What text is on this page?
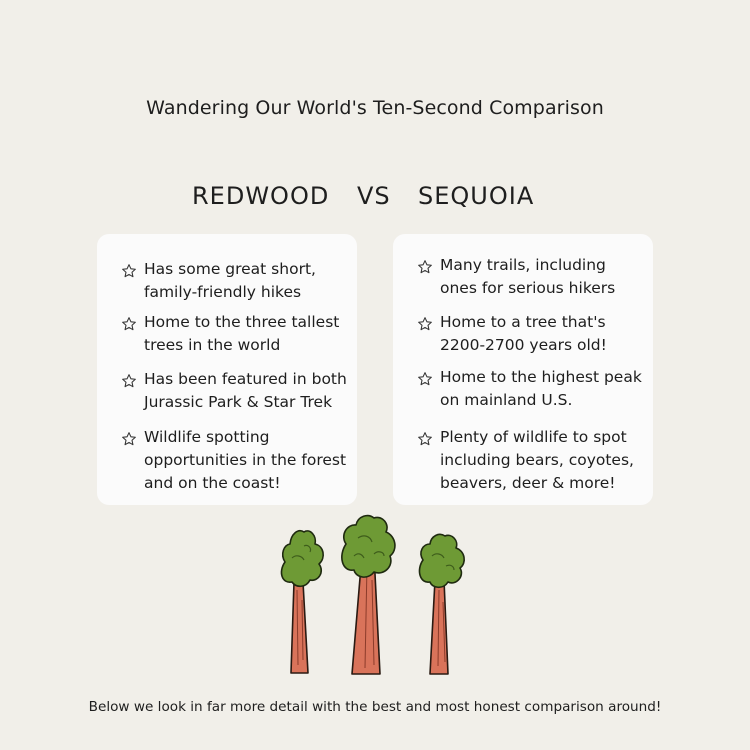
Wandering Our World's Ten-Second Comparison
REDWOOD VS SEQUOIA
Has some great short, family-friendly hikes
Home to the three tallest trees in the world
Has been featured in both Jurassic Park & Star Trek
Wildlife spotting opportunities in the forest and on the coast!
Many trails, including ones for serious hikers
Home to a tree that's 2200-2700 years old!
Home to the highest peak on mainland U.S.
Plenty of wildlife to spot including bears, coyotes, beavers, deer & more!
Below we look in far more detail with the best and most honest comparison around!
